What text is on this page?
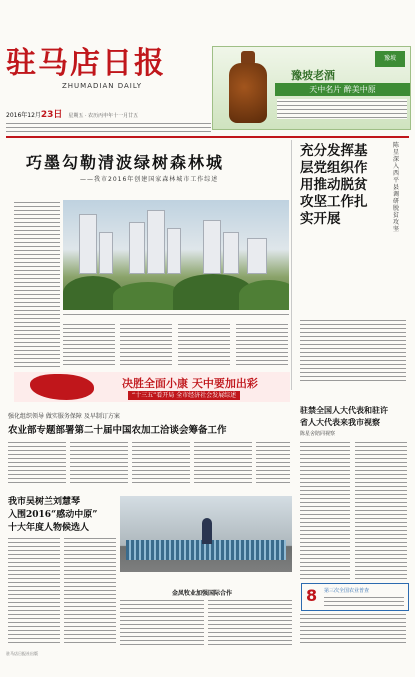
驻马店日报
ZHUMADIAN DAILY
2016年12月23日 星期五 · 农历丙申年十一月廿五
豫坡
豫坡老酒
天中名片 醉美中原
巧墨勾勒清波绿树森林城
——我市2016年创建国家森林城市工作综述
充分发挥基层党组织作用推动脱贫攻坚工作扎实开展
陈星深入西平县调研脱贫攻坚
决胜全面小康 天中要加出彩
“十三五”看开局 全市经济社会发展综述
强化组织领导 做实服务保障 及早制订方案
农业部专题部署第二十届中国农加工洽谈会筹备工作
驻禁全国人大代表和驻许
省人大代表来我市视察
陈星舍陪同视察
我市吴树兰刘慧琴
入围2016“感动中原”
十大年度人物候选人
金凤牧业加强国际合作	8 第三次全国农业普查
驻马店日报社出版
